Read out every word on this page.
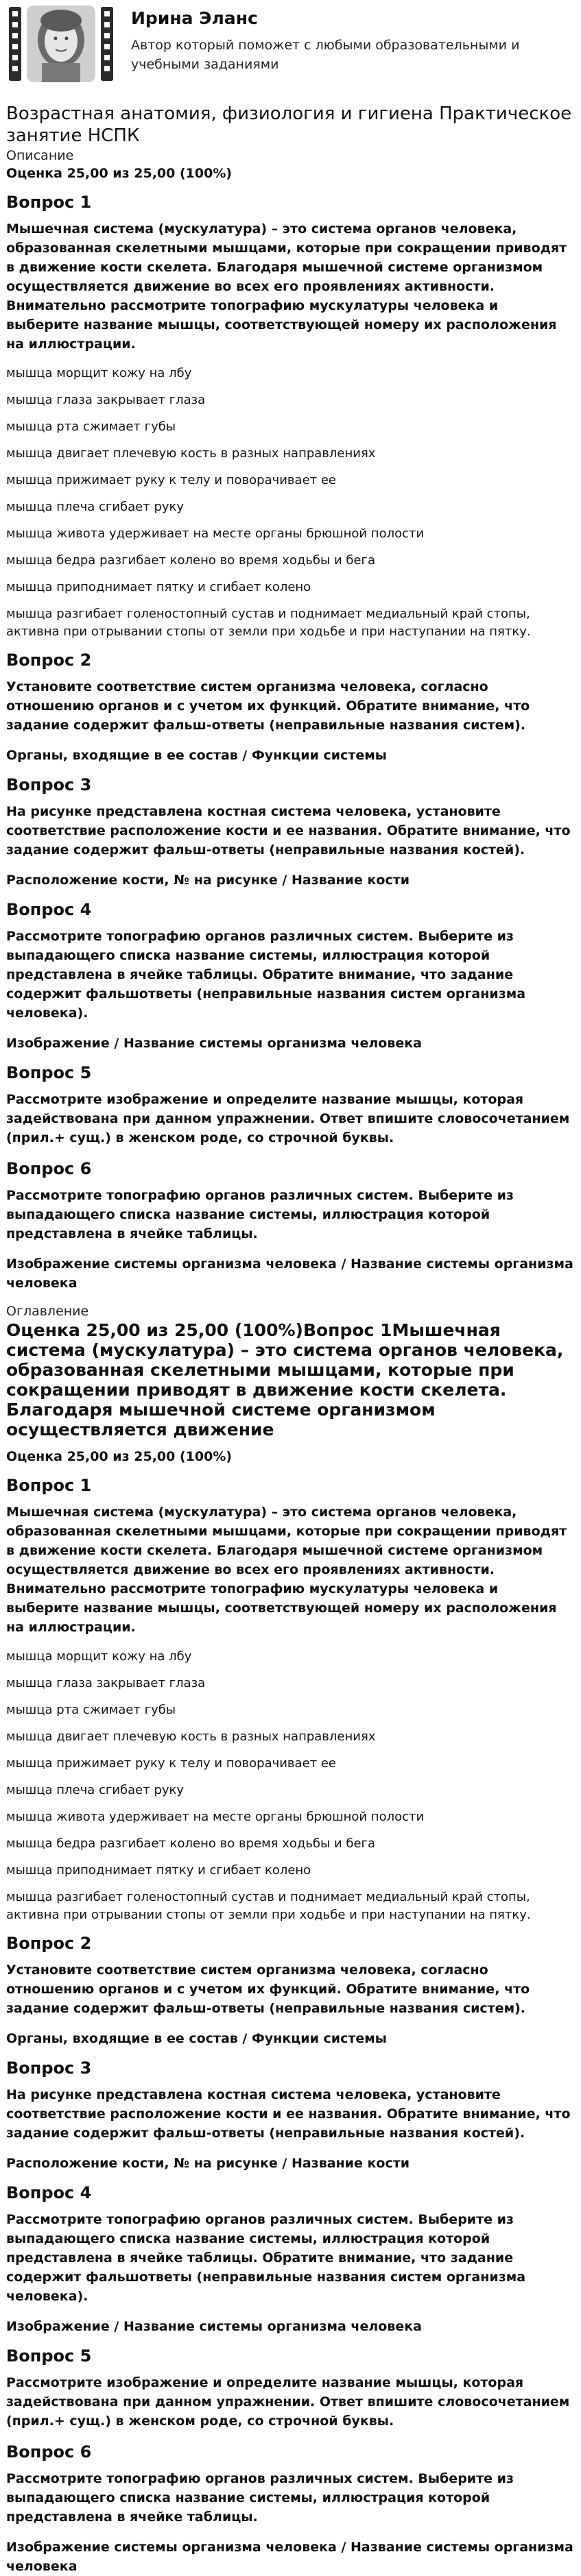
Ирина Эланс
Автор который поможет с любыми образовательными и учебными заданиями
Возрастная анатомия, физиология и гигиена Практическое занятие НСПК

Описание

Оценка 25,00 из 25,00 (100%)

Вопрос 1

Мышечная система (мускулатура) – это система органов человека, образованная скелетными мышцами, которые при сокращении приводят в движение кости скелета. Благодаря мышечной системе организмом осуществляется движение во всех его проявлениях активности. Внимательно рассмотрите топографию мускулатуры человека и выберите название мышцы, соответствующей номеру их расположения на иллюстрации.

мышца морщит кожу на лбу

мышца глаза закрывает глаза

мышца рта сжимает губы

мышца двигает плечевую кость в разных направлениях

мышца прижимает руку к телу и поворачивает ее

мышца плеча сгибает руку

мышца живота удерживает на месте органы брюшной полости

мышца бедра разгибает колено во время ходьбы и бега

мышца приподнимает пятку и сгибает колено

мышца разгибает голеностопный сустав и поднимает медиальный край стопы, активна при отрывании стопы от земли при ходьбе и при наступании на пятку.

Вопрос 2

Установите соответствие систем организма человека, согласно отношению органов и с учетом их функций. Обратите внимание, что задание содержит фальш-ответы (неправильные названия систем).

Органы, входящие в ее состав / Функции системы

Вопрос 3

На рисунке представлена костная система человека, установите соответствие расположение кости и ее названия. Обратите внимание, что задание содержит фальш-ответы (неправильные названия костей).

Расположение кости, № на рисунке / Название кости

Вопрос 4

Рассмотрите топографию органов различных систем. Выберите из выпадающего списка название системы, иллюстрация которой представлена в ячейке таблицы. Обратите внимание, что задание содержит фальшответы (неправильные названия систем организма человека).

Изображение / Название системы организма человека

Вопрос 5

Рассмотрите изображение и определите название мышцы, которая задействована при данном упражнении. Ответ впишите словосочетанием (прил.+ сущ.) в женском роде, со строчной буквы.

Вопрос 6

Рассмотрите топографию органов различных систем. Выберите из выпадающего списка название системы, иллюстрация которой представлена в ячейке таблицы.

Изображение системы организма человека / Название системы организма человека

Оглавление

Оценка 25,00 из 25,00 (100%)Вопрос 1Мышечная система (мускулатура) – это система органов человека, образованная скелетными мышцами, которые при сокращении приводят в движение кости скелета. Благодаря мышечной системе организмом осуществляется движение

Оценка 25,00 из 25,00 (100%)

Вопрос 1

Мышечная система (мускулатура) – это система органов человека, образованная скелетными мышцами, которые при сокращении приводят в движение кости скелета. Благодаря мышечной системе организмом осуществляется движение во всех его проявлениях активности. Внимательно рассмотрите топографию мускулатуры человека и выберите название мышцы, соответствующей номеру их расположения на иллюстрации.

мышца морщит кожу на лбу

мышца глаза закрывает глаза

мышца рта сжимает губы

мышца двигает плечевую кость в разных направлениях

мышца прижимает руку к телу и поворачивает ее

мышца плеча сгибает руку

мышца живота удерживает на месте органы брюшной полости

мышца бедра разгибает колено во время ходьбы и бега

мышца приподнимает пятку и сгибает колено

мышца разгибает голеностопный сустав и поднимает медиальный край стопы, активна при отрывании стопы от земли при ходьбе и при наступании на пятку.

Вопрос 2

Установите соответствие систем организма человека, согласно отношению органов и с учетом их функций. Обратите внимание, что задание содержит фальш-ответы (неправильные названия систем).

Органы, входящие в ее состав / Функции системы

Вопрос 3

На рисунке представлена костная система человека, установите соответствие расположение кости и ее названия. Обратите внимание, что задание содержит фальш-ответы (неправильные названия костей).

Расположение кости, № на рисунке / Название кости

Вопрос 4

Рассмотрите топографию органов различных систем. Выберите из выпадающего списка название системы, иллюстрация которой представлена в ячейке таблицы. Обратите внимание, что задание содержит фальшответы (неправильные названия систем организма человека).

Изображение / Название системы организма человека

Вопрос 5

Рассмотрите изображение и определите название мышцы, которая задействована при данном упражнении. Ответ впишите словосочетанием (прил.+ сущ.) в женском роде, со строчной буквы.

Вопрос 6

Рассмотрите топографию органов различных систем. Выберите из выпадающего списка название системы, иллюстрация которой представлена в ячейке таблицы.

Изображение системы организма человека / Название системы организма человека
